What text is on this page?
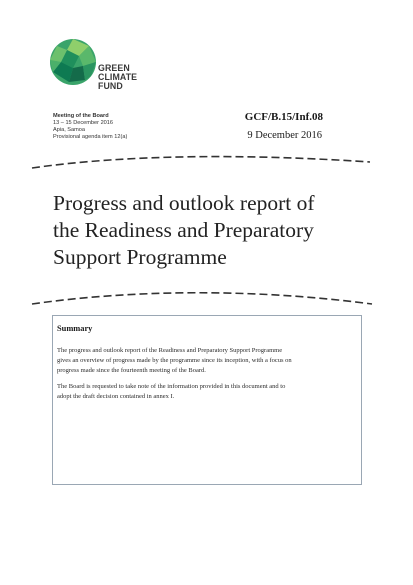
GREEN
CLIMATE
FUND
Meeting of the Board
13 – 15 December 2016
Apia, Samoa
Provisional agenda item 12(a)
GCF/B.15/Inf.08
9 December 2016
Progress and outlook report of
the Readiness and Preparatory
Support Programme
Summary
The progress and outlook report of the Readiness and Preparatory Support Programme
gives an overview of progress made by the programme since its inception, with a focus on
progress made since the fourteenth meeting of the Board.
The Board is requested to take note of the information provided in this document and to
adopt the draft decision contained in annex I.
